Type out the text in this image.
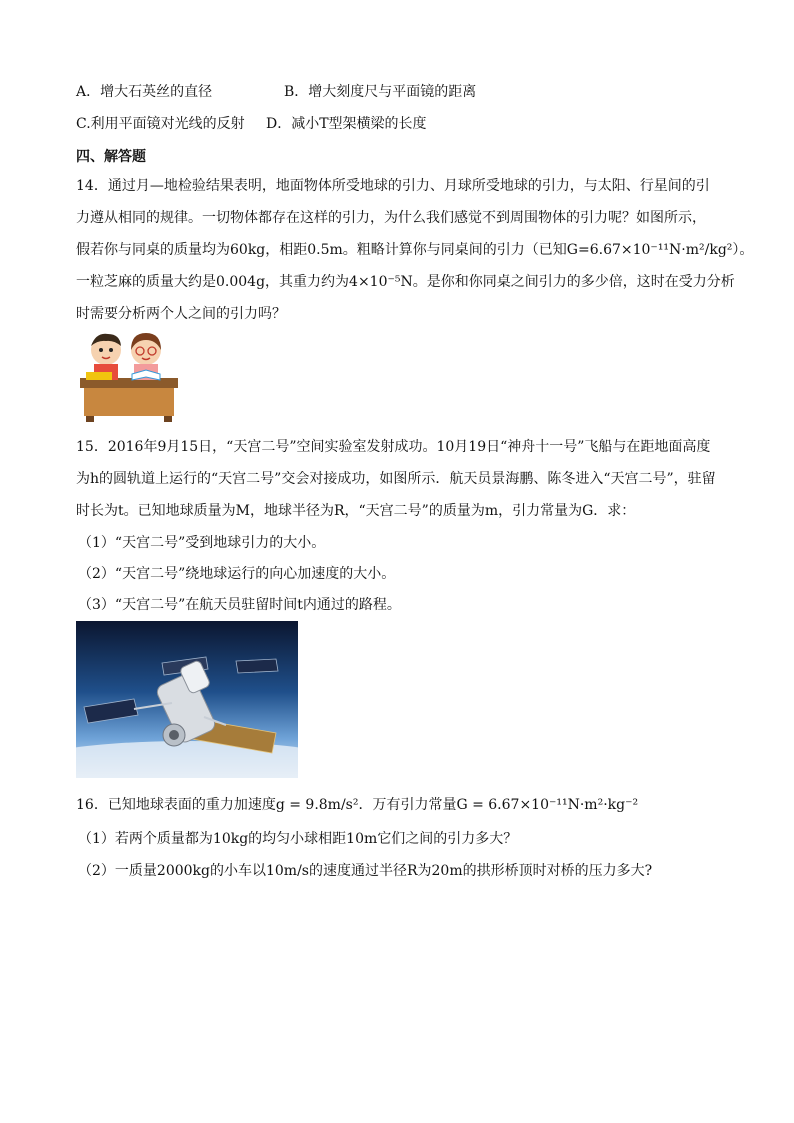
A．增大石英丝的直径	B．增大刻度尺与平面镜的距离
C.利用平面镜对光线的反射 D．减小T型架横梁的长度
四、解答题
14．通过月—地检验结果表明，地面物体所受地球的引力、月球所受地球的引力，与太阳、行星间的引
力遵从相同的规律。一切物体都存在这样的引力，为什么我们感觉不到周围物体的引力呢？如图所示，
假若你与同桌的质量均为60kg，相距0.5m。粗略计算你与同桌间的引力（已知G=6.67×10⁻¹¹N·m²/kg²）。
一粒芝麻的质量大约是0.004g，其重力约为4×10⁻⁵N。是你和你同桌之间引力的多少倍，这时在受力分析
时需要分析两个人之间的引力吗？
15．2016年9月15日，“天宫二号”空间实验室发射成功。10月19日“神舟十一号”飞船与在距地面高度
为h的圆轨道上运行的“天宫二号”交会对接成功，如图所示．航天员景海鹏、陈冬进入“天宫二号”，驻留
时长为t。已知地球质量为M，地球半径为R，“天宫二号”的质量为m，引力常量为G．求：
（1）“天宫二号”受到地球引力的大小。
（2）“天宫二号”绕地球运行的向心加速度的大小。
（3）“天宫二号”在航天员驻留时间t内通过的路程。
16．已知地球表面的重力加速度g = 9.8m/s²．万有引力常量G = 6.67×10⁻¹¹N·m²·kg⁻²
（1）若两个质量都为10kg的均匀小球相距10m它们之间的引力多大？
（2）一质量2000kg的小车以10m/s的速度通过半径R为20m的拱形桥顶时对桥的压力多大?
